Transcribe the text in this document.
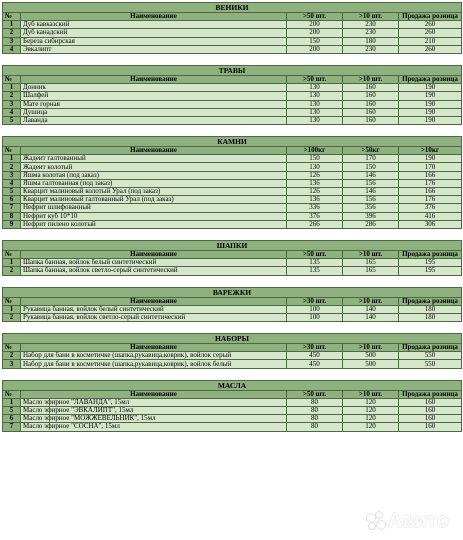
ВЕНИКИ				
№	Наименование	>50 шт.	>10 шт.	Продажа розница
1	Дуб кавказский	200	230	260
2	Дуб канадский	200	230	260
3	Береза сибирская	150	180	210
4	Эвкалипт	200	230	260
ТРАВЫ				
№	Наименование	>50 шт.	>10 шт.	Продажа розница
1	Донник	130	160	190
2	Шалфей	130	160	190
3	Мате горная	130	160	190
4	Душица	130	160	190
5	Лаванда	130	160	190
КАМНИ				
№	Наименование	>100кг	>50кг	>10кг
1	Жадеит галтованный	150	170	190
2	Жадеит колотый	130	150	170
3	Яшма колотая (под заказ)	126	146	166
4	Яшма галтованная (под заказ)	136	156	176
5	Кварцит малиновый колотый Урал (под заказ)	126	146	166
6	Кварцит малиновый галтованный Урал (под заказ)	136	156	176
7	Нефрит шлифованный	336	356	376
8	Нефрит куб 10*10	376	396	416
9	Нефрит пиленo колотый	266	286	306
ШАПКИ				
№	Наименование	>50 шт.	>10 шт.	Продажа розница
1	Шапка банная, войлок белый синтетический	135	165	195
2	Шапка банная, войлок светло-серый синтетический	135	165	195
ВАРЕЖКИ				
№	Наименование	>30 шт.	>10 шт.	Продажа розница
1	Рукавица банная, войлок белый синтетический	100	140	180
2	Рукавица банная, войлок светло-серый синтетический	100	140	180
НАБОРЫ				
№	Наименование	>30 шт.	>10 шт.	Продажа розница
2	Набор для бани в косметичке (шапка,рукавица,коврик), войлок серый	450	500	550
3	Набор для бани в косметичке (шапка,рукавица,коврик), войлок белый	450	500	550
МАСЛА				
№	Наименование	>50 шт.	>10 шт.	Продажа розница
1	Масло эфирное "ЛАВАНДА", 15мл	80	120	160
5	Масло эфирное "ЭВКАЛИПТ", 15мл	80	120	160
6	Масло эфирное "МОЖЖЕВЕЛЬНИК", 15мл	80	120	160
7	Масло эфирное "СОСНА", 15мл	80	120	160
Авито
